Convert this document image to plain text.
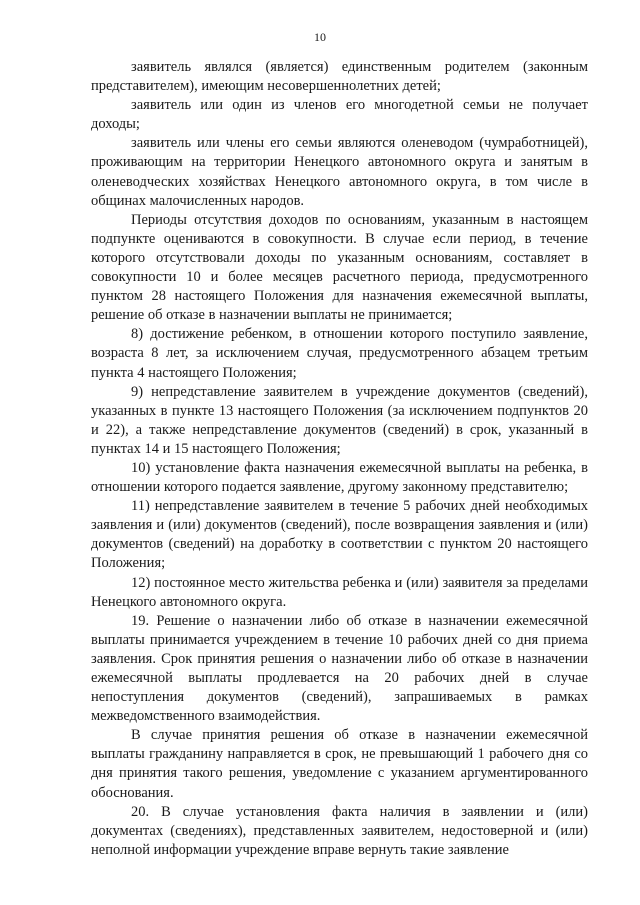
10

заявитель являлся (является) единственным родителем (законным представителем), имеющим несовершеннолетних детей;

заявитель или один из членов его многодетной семьи не получает доходы;

заявитель или члены его семьи являются оленеводом (чумработницей), проживающим на территории Ненецкого автономного округа и занятым в оленеводческих хозяйствах Ненецкого автономного округа, в том числе в общинах малочисленных народов.

Периоды отсутствия доходов по основаниям, указанным в настоящем подпункте оцениваются в совокупности. В случае если период, в течение которого отсутствовали доходы по указанным основаниям, составляет в совокупности 10 и более месяцев расчетного периода, предусмотренного пунктом 28 настоящего Положения для назначения ежемесячной выплаты, решение об отказе в назначении выплаты не принимается;

8) достижение ребенком, в отношении которого поступило заявление, возраста 8 лет, за исключением случая, предусмотренного абзацем третьим пункта 4 настоящего Положения;

9) непредставление заявителем в учреждение документов (сведений), указанных в пункте 13 настоящего Положения (за исключением подпунктов 20 и 22), а также непредставление документов (сведений) в срок, указанный в пунктах 14 и 15 настоящего Положения;

10) установление факта назначения ежемесячной выплаты на ребенка, в отношении которого подается заявление, другому законному представителю;

11) непредставление заявителем в течение 5 рабочих дней необходимых заявления и (или) документов (сведений), после возвращения заявления и (или) документов (сведений) на доработку в соответствии с пунктом 20 настоящего Положения;

12) постоянное место жительства ребенка и (или) заявителя за пределами Ненецкого автономного округа.

19. Решение о назначении либо об отказе в назначении ежемесячной выплаты принимается учреждением в течение 10 рабочих дней со дня приема заявления. Срок принятия решения о назначении либо об отказе в назначении ежемесячной выплаты продлевается на 20 рабочих дней в случае непоступления документов (сведений), запрашиваемых в рамках межведомственного взаимодействия.

В случае принятия решения об отказе в назначении ежемесячной выплаты гражданину направляется в срок, не превышающий 1 рабочего дня со дня принятия такого решения, уведомление с указанием аргументированного обоснования.

20. В случае установления факта наличия в заявлении и (или) документах (сведениях), представленных заявителем, недостоверной и (или) неполной информации учреждение вправе вернуть такие заявление
